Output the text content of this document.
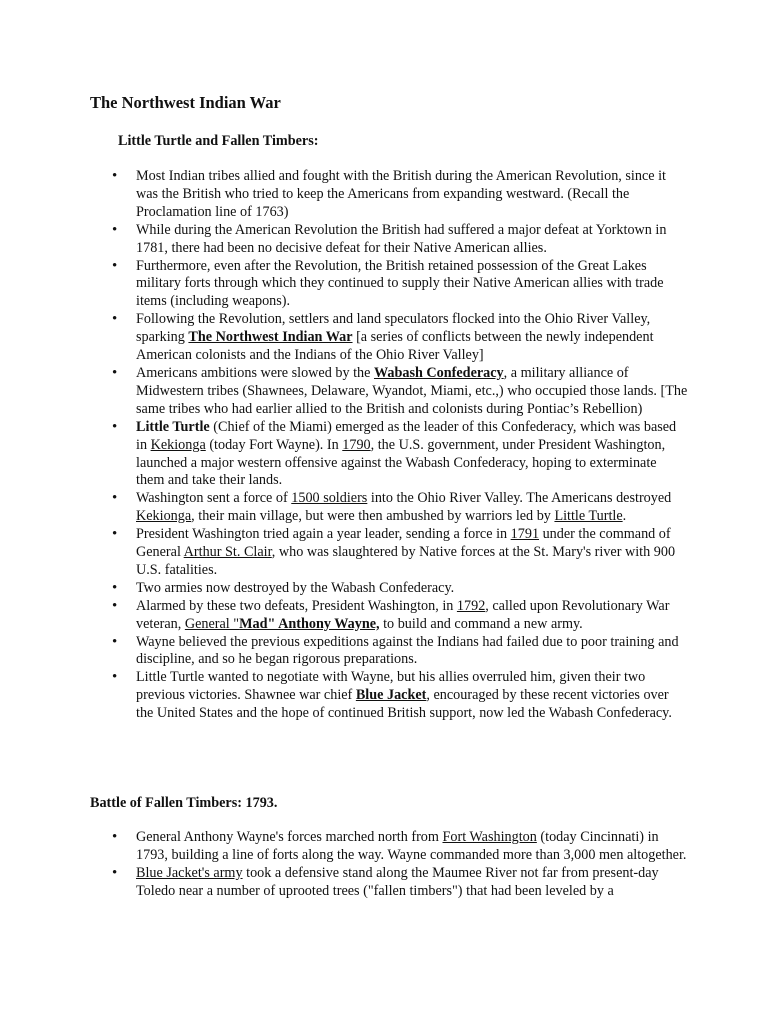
The Northwest Indian War
Little Turtle and Fallen Timbers:
• Most Indian tribes allied and fought with the British during the American Revolution, since it was the British who tried to keep the Americans from expanding westward. (Recall the Proclamation line of 1763)
• While during the American Revolution the British had suffered a major defeat at Yorktown in 1781, there had been no decisive defeat for their Native American allies.
• Furthermore, even after the Revolution, the British retained possession of the Great Lakes military forts through which they continued to supply their Native American allies with trade items (including weapons).
• Following the Revolution, settlers and land speculators flocked into the Ohio River Valley, sparking The Northwest Indian War [a series of conflicts between the newly independent American colonists and the Indians of the Ohio River Valley]
• Americans ambitions were slowed by the Wabash Confederacy, a military alliance of Midwestern tribes (Shawnees, Delaware, Wyandot, Miami, etc.,) who occupied those lands. [The same tribes who had earlier allied to the British and colonists during Pontiac’s Rebellion)
• Little Turtle (Chief of the Miami) emerged as the leader of this Confederacy, which was based in Kekionga (today Fort Wayne). In 1790, the U.S. government, under President Washington, launched a major western offensive against the Wabash Confederacy, hoping to exterminate them and take their lands.
• Washington sent a force of 1500 soldiers into the Ohio River Valley. The Americans destroyed Kekionga, their main village, but were then ambushed by warriors led by Little Turtle.
• President Washington tried again a year leader, sending a force in 1791 under the command of General Arthur St. Clair, who was slaughtered by Native forces at the St. Mary's river with 900 U.S. fatalities.
• Two armies now destroyed by the Wabash Confederacy.
• Alarmed by these two defeats, President Washington, in 1792, called upon Revolutionary War veteran, General "Mad" Anthony Wayne, to build and command a new army.
• Wayne believed the previous expeditions against the Indians had failed due to poor training and discipline, and so he began rigorous preparations.
• Little Turtle wanted to negotiate with Wayne, but his allies overruled him, given their two previous victories. Shawnee war chief Blue Jacket, encouraged by these recent victories over the United States and the hope of continued British support, now led the Wabash Confederacy.
Battle of Fallen Timbers: 1793.
• General Anthony Wayne's forces marched north from Fort Washington (today Cincinnati) in 1793, building a line of forts along the way. Wayne commanded more than 3,000 men altogether.
• Blue Jacket's army took a defensive stand along the Maumee River not far from present-day Toledo near a number of uprooted trees ("fallen timbers") that had been leveled by a
